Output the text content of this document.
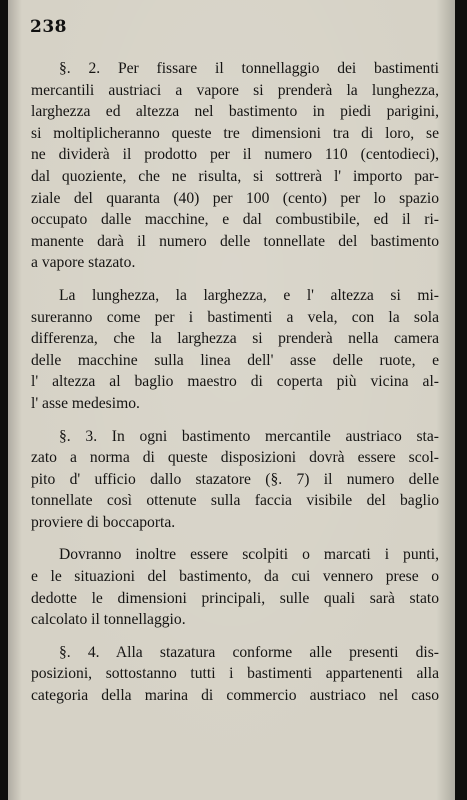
238

§. 2. Per fissare il tonnellaggio dei bastimenti
mercantili austriaci a vapore si prenderà la lunghezza,
larghezza ed altezza nel bastimento in piedi parigini,
si moltiplicheranno queste tre dimensioni tra di loro, se
ne dividerà il prodotto per il numero 110 (centodieci),
dal quoziente, che ne risulta, si sottrerà l' importo par-
ziale del quaranta (40) per 100 (cento) per lo spazio
occupato dalle macchine, e dal combustibile, ed il ri-
manente darà il numero delle tonnellate del bastimento
a vapore stazato.

La lunghezza, la larghezza, e l' altezza si mi-
sureranno come per i bastimenti a vela, con la sola
differenza, che la larghezza si prenderà nella camera
delle macchine sulla linea dell' asse delle ruote, e
l' altezza al baglio maestro di coperta più vicina al-
l' asse medesimo.

§. 3. In ogni bastimento mercantile austriaco sta-
zato a norma di queste disposizioni dovrà essere scol-
pito d' ufficio dallo stazatore (§. 7) il numero delle
tonnellate così ottenute sulla faccia visibile del baglio
proviere di boccaporta.

Dovranno inoltre essere scolpiti o marcati i punti,
e le situazioni del bastimento, da cui vennero prese o
dedotte le dimensioni principali, sulle quali sarà stato
calcolato il tonnellaggio.

§. 4. Alla stazatura conforme alle presenti dis-
posizioni, sottostanno tutti i bastimenti appartenenti alla
categoria della marina di commercio austriaco nel caso
